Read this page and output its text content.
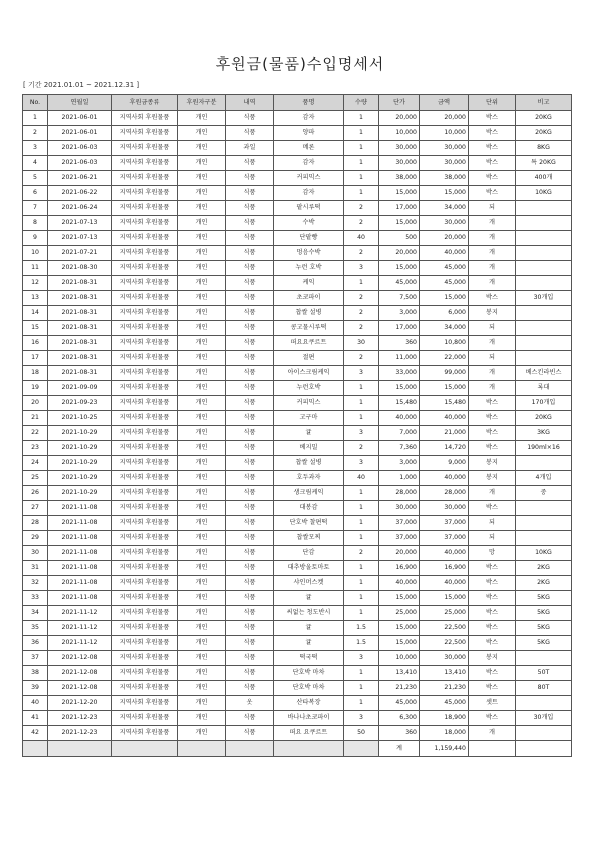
후원금(물품)수입명세서
[ 기간 2021.01.01 ~ 2021.12.31 ]
No.	연월일	후원금종류	후원자구분	내역	품명	수량	단가	금액	단위	비고
1	2021-06-01	지역사회 후원물품	개인	식품	감자	1	20,000	20,000	박스	20KG
2	2021-06-01	지역사회 후원물품	개인	식품	양파	1	10,000	10,000	박스	20KG
3	2021-06-03	지역사회 후원물품	개인	과일	메론	1	30,000	30,000	박스	8KG
4	2021-06-03	지역사회 후원물품	개인	식품	감자	1	30,000	30,000	박스	특 20KG
5	2021-06-21	지역사회 후원물품	개인	식품	커피믹스	1	38,000	38,000	박스	400개
6	2021-06-22	지역사회 후원물품	개인	식품	감자	1	15,000	15,000	박스	10KG
7	2021-06-24	지역사회 후원물품	개인	식품	팥시루떡	2	17,000	34,000	되	
8	2021-07-13	지역사회 후원물품	개인	식품	수박	2	15,000	30,000	개	
9	2021-07-13	지역사회 후원물품	개인	식품	단팥빵	40	500	20,000	개	
10	2021-07-21	지역사회 후원물품	개인	식품	멍음수박	2	20,000	40,000	개	
11	2021-08-30	지역사회 후원물품	개인	식품	누런 호박	3	15,000	45,000	개	
12	2021-08-31	지역사회 후원물품	개인	식품	케익	1	45,000	45,000	개	
13	2021-08-31	지역사회 후원물품	개인	식품	초코파이	2	7,500	15,000	박스	30개입
14	2021-08-31	지역사회 후원물품	개인	식품	찹쌀 설병	2	3,000	6,000	봉지	
15	2021-08-31	지역사회 후원물품	개인	식품	콩고물시루떡	2	17,000	34,000	되	
16	2021-08-31	지역사회 후원물품	개인	식품	떠요요쿠르트	30	360	10,800	개	
17	2021-08-31	지역사회 후원물품	개인	식품	절편	2	11,000	22,000	되	
18	2021-08-31	지역사회 후원물품	개인	식품	아이스크림케익	3	33,000	99,000	개	베스킨라빈스
19	2021-09-09	지역사회 후원물품	개인	식품	누런호박	1	15,000	15,000	개	록대
20	2021-09-23	지역사회 후원물품	개인	식품	커피믹스	1	15,480	15,480	박스	170개입
21	2021-10-25	지역사회 후원물품	개인	식품	고구마	1	40,000	40,000	박스	20KG
22	2021-10-29	지역사회 후원물품	개인	식품	귤	3	7,000	21,000	박스	3KG
23	2021-10-29	지역사회 후원물품	개인	식품	베지밀	2	7,360	14,720	박스	190ml×16
24	2021-10-29	지역사회 후원물품	개인	식품	찹쌀 설병	3	3,000	9,000	봉지	
25	2021-10-29	지역사회 후원물품	개인	식품	호두과자	40	1,000	40,000	봉지	4개입
26	2021-10-29	지역사회 후원물품	개인	식품	생크림케익	1	28,000	28,000	개	중
27	2021-11-08	지역사회 후원물품	개인	식품	대봉감	1	30,000	30,000	박스	
28	2021-11-08	지역사회 후원물품	개인	식품	단호박 찰편떡	1	37,000	37,000	되	
29	2021-11-08	지역사회 후원물품	개인	식품	찹쌀모찌	1	37,000	37,000	되	
30	2021-11-08	지역사회 후원물품	개인	식품	단감	2	20,000	40,000	망	10KG
31	2021-11-08	지역사회 후원물품	개인	식품	대추방울토마토	1	16,900	16,900	박스	2KG
32	2021-11-08	지역사회 후원물품	개인	식품	샤인머스켓	1	40,000	40,000	박스	2KG
33	2021-11-08	지역사회 후원물품	개인	식품	귤	1	15,000	15,000	박스	5KG
34	2021-11-12	지역사회 후원물품	개인	식품	씨없는 청도반시	1	25,000	25,000	박스	5KG
35	2021-11-12	지역사회 후원물품	개인	식품	귤	1.5	15,000	22,500	박스	5KG
36	2021-11-12	지역사회 후원물품	개인	식품	귤	1.5	15,000	22,500	박스	5KG
37	2021-12-08	지역사회 후원물품	개인	식품	떡국떡	3	10,000	30,000	봉지	
38	2021-12-08	지역사회 후원물품	개인	식품	단호박 마차	1	13,410	13,410	박스	50T
39	2021-12-08	지역사회 후원물품	개인	식품	단호박 마차	1	21,230	21,230	박스	80T
40	2021-12-20	지역사회 후원물품	개인	옷	산타복장	1	45,000	45,000	셋트	
41	2021-12-23	지역사회 후원물품	개인	식품	바나나초코파이	3	6,300	18,900	박스	30개입
42	2021-12-23	지역사회 후원물품	개인	식품	떠요 요쿠르트	50	360	18,000	개	
							계	1,159,440		
